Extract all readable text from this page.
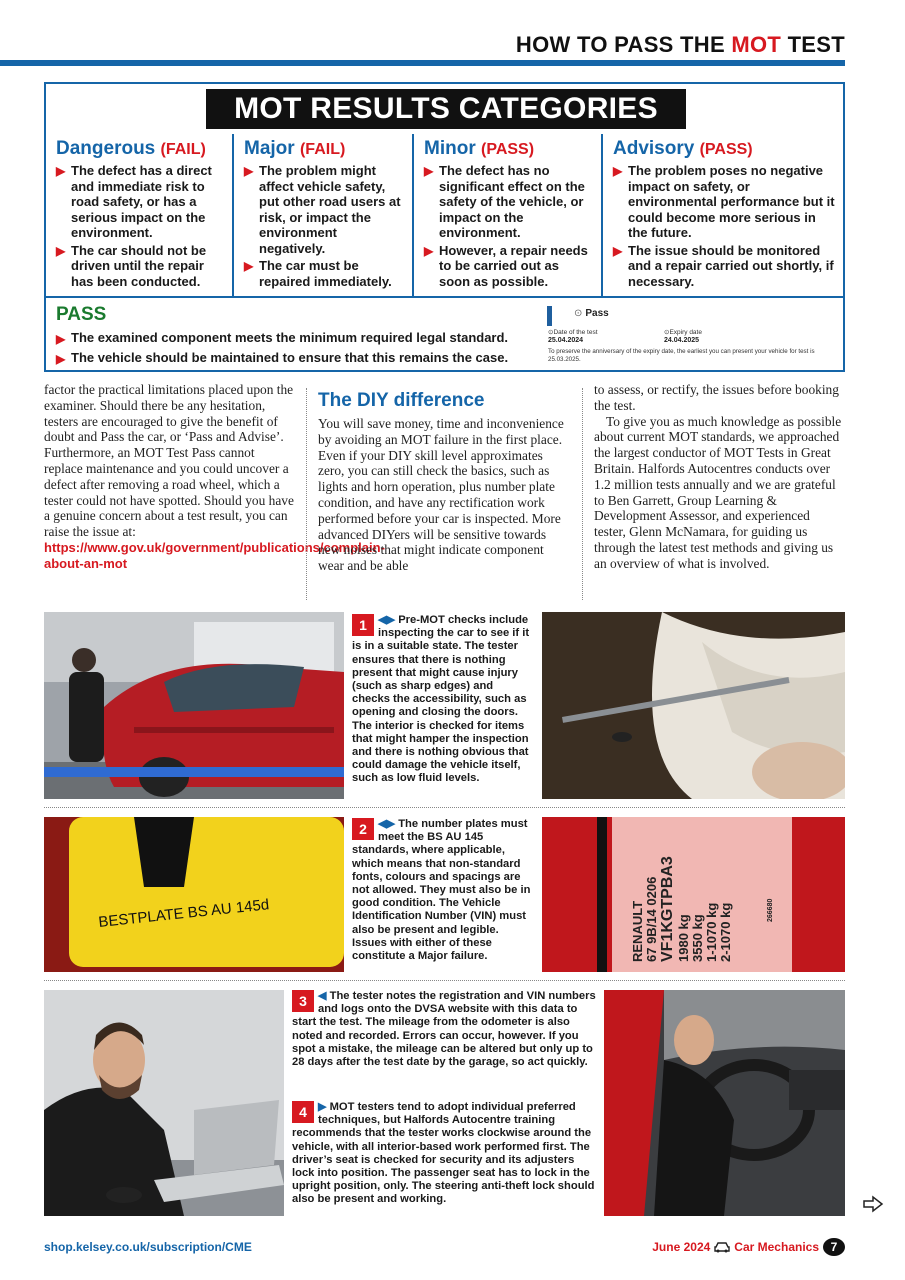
HOW TO PASS THE MOT TEST
MOT RESULTS CATEGORIES
Dangerous (FAIL)
▶ The defect has a direct and immediate risk to road safety, or has a serious impact on the environment.
▶ The car should not be driven until the repair has been conducted.
Major (FAIL)
▶ The problem might affect vehicle safety, put other road users at risk, or impact the environment negatively.
▶ The car must be repaired immediately.
Minor (PASS)
▶ The defect has no significant effect on the safety of the vehicle, or impact on the environment.
▶ However, a repair needs to be carried out as soon as possible.
Advisory (PASS)
▶ The problem poses no negative impact on safety, or environmental performance but it could become more serious in the future.
▶ The issue should be monitored and a repair carried out shortly, if necessary.
PASS
▶ The examined component meets the minimum required legal standard.
▶ The vehicle should be maintained to ensure that this remains the case.
⊙ Pass
⊙Date of the test
25.04.2024
⊙Expiry date
24.04.2025
To preserve the anniversary of the expiry date, the earliest you can present your vehicle for test is 25.03.2025.

factor the practical limitations placed upon the examiner. Should there be any hesitation, testers are encouraged to give the benefit of doubt and Pass the car, or ‘Pass and Advise’. Furthermore, an MOT Test Pass cannot replace maintenance and you could uncover a defect after removing a road wheel, which a tester could not have spotted. Should you have a genuine concern about a test result, you can raise the issue at:

https://www.gov.uk/government/publications/complain-about-an-mot

The DIY difference

You will save money, time and inconvenience by avoiding an MOT failure in the first place. Even if your DIY skill level approximates zero, you can still check the basics, such as lights and horn operation, plus number plate condition, and have any rectification work performed before your car is inspected. More advanced DIYers will be sensitive towards new noises that might indicate component wear and be able

to assess, or rectify, the issues before booking the test.

To give you as much knowledge as possible about current MOT standards, we approached the largest conductor of MOT Tests in Great Britain. Halfords Autocentres conducts over 1.2 million tests annually and we are grateful to Ben Garrett, Group Learning & Development Assessor, and experienced tester, Glenn McNamara, for guiding us through the latest test methods and giving us an overview of what is involved.

1 ◀▶ Pre-MOT checks include inspecting the car to see if it is in a suitable state. The tester ensures that there is nothing present that might cause injury (such as sharp edges) and checks the accessibility, such as opening and closing the doors. The interior is checked for items that might hamper the inspection and there is nothing obvious that could damage the vehicle itself, such as low fluid levels.
BESTPLATE BS AU 145d
2 ◀▶ The number plates must meet the BS AU 145 standards, where applicable, which means that non-standard fonts, colours and spacings are not allowed. They must also be in good condition. The Vehicle Identification Number (VIN) must also be present and legible. Issues with either of these constitute a Major failure.	RENAULT 67 9B/14 0206 VF1KGTPBA3 1980 kg 3550 kg 1-1070 kg 2-1070 kg	266680
3 ◀ The tester notes the registration and VIN numbers and logs onto the DVSA website with this data to start the test. The mileage from the odometer is also noted and recorded. Errors can occur, however. If you spot a mistake, the mileage can be altered but only up to 28 days after the test date by the garage, so act quickly.
4 ▶ MOT testers tend to adopt individual preferred techniques, but Halfords Autocentre training recommends that the tester works clockwise around the vehicle, with all interior-based work performed first. The driver’s seat is checked for security and its adjusters lock into position. The passenger seat has to lock in the upright position, only. The steering anti-theft lock should also be present and working.
shop.kelsey.co.uk/subscription/CME	June 2024 Car Mechanics 7
